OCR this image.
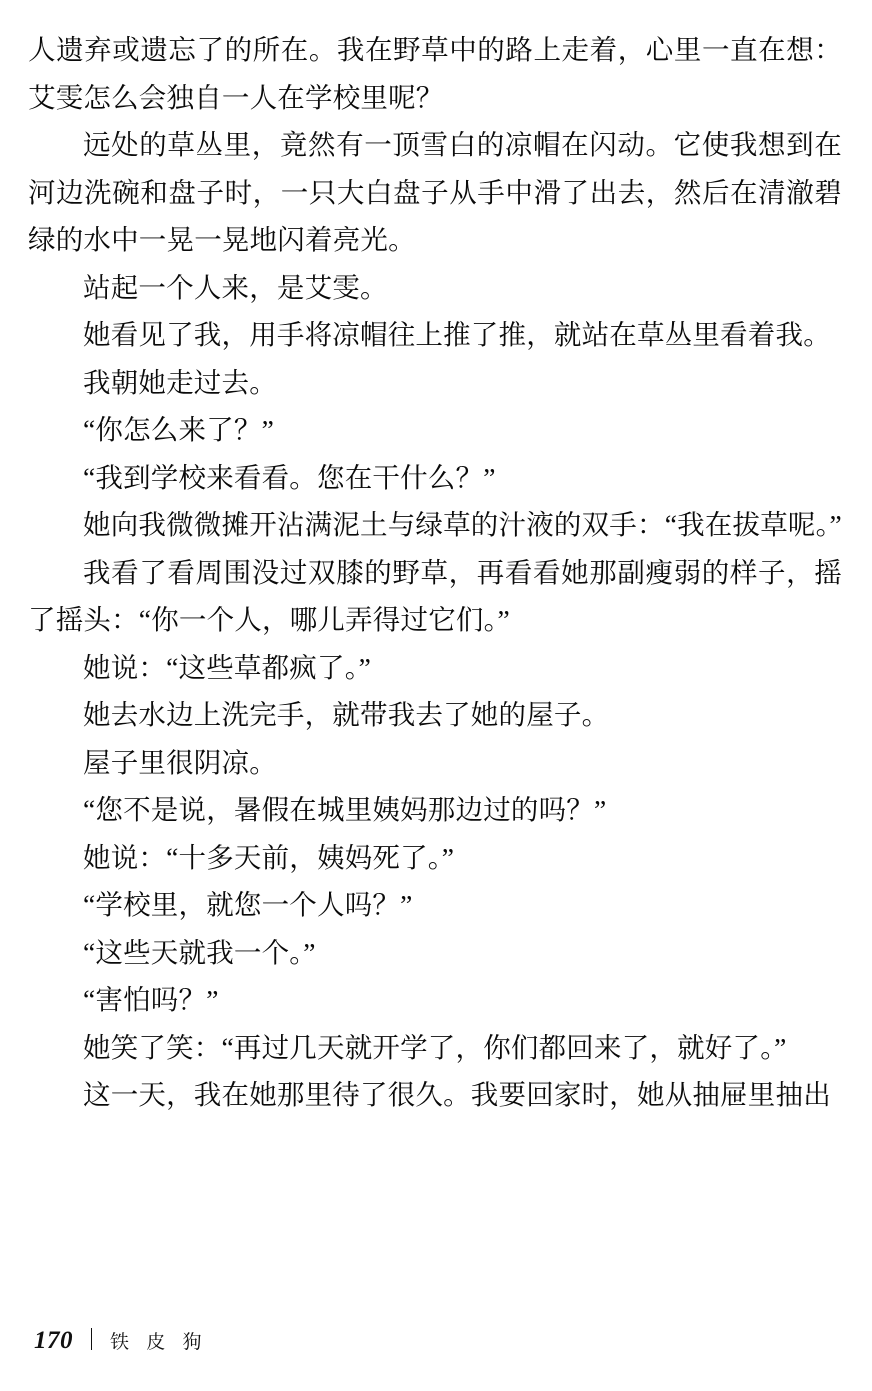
人遗弃或遗忘了的所在。我在野草中的路上走着，心里一直在想：艾雯怎么会独自一人在学校里呢？

远处的草丛里，竟然有一顶雪白的凉帽在闪动。它使我想到在河边洗碗和盘子时，一只大白盘子从手中滑了出去，然后在清澈碧绿的水中一晃一晃地闪着亮光。

站起一个人来，是艾雯。

她看见了我，用手将凉帽往上推了推，就站在草丛里看着我。

我朝她走过去。

“你怎么来了？”

“我到学校来看看。您在干什么？”

她向我微微摊开沾满泥土与绿草的汁液的双手：“我在拔草呢。”

我看了看周围没过双膝的野草，再看看她那副瘦弱的样子，摇了摇头：“你一个人，哪儿弄得过它们。”

她说：“这些草都疯了。”

她去水边上洗完手，就带我去了她的屋子。

屋子里很阴凉。

“您不是说，暑假在城里姨妈那边过的吗？”

她说：“十多天前，姨妈死了。”

“学校里，就您一个人吗？”

“这些天就我一个。”

“害怕吗？”

她笑了笑：“再过几天就开学了，你们都回来了，就好了。”

这一天，我在她那里待了很久。我要回家时，她从抽屉里抽出

170 铁 皮 狗
